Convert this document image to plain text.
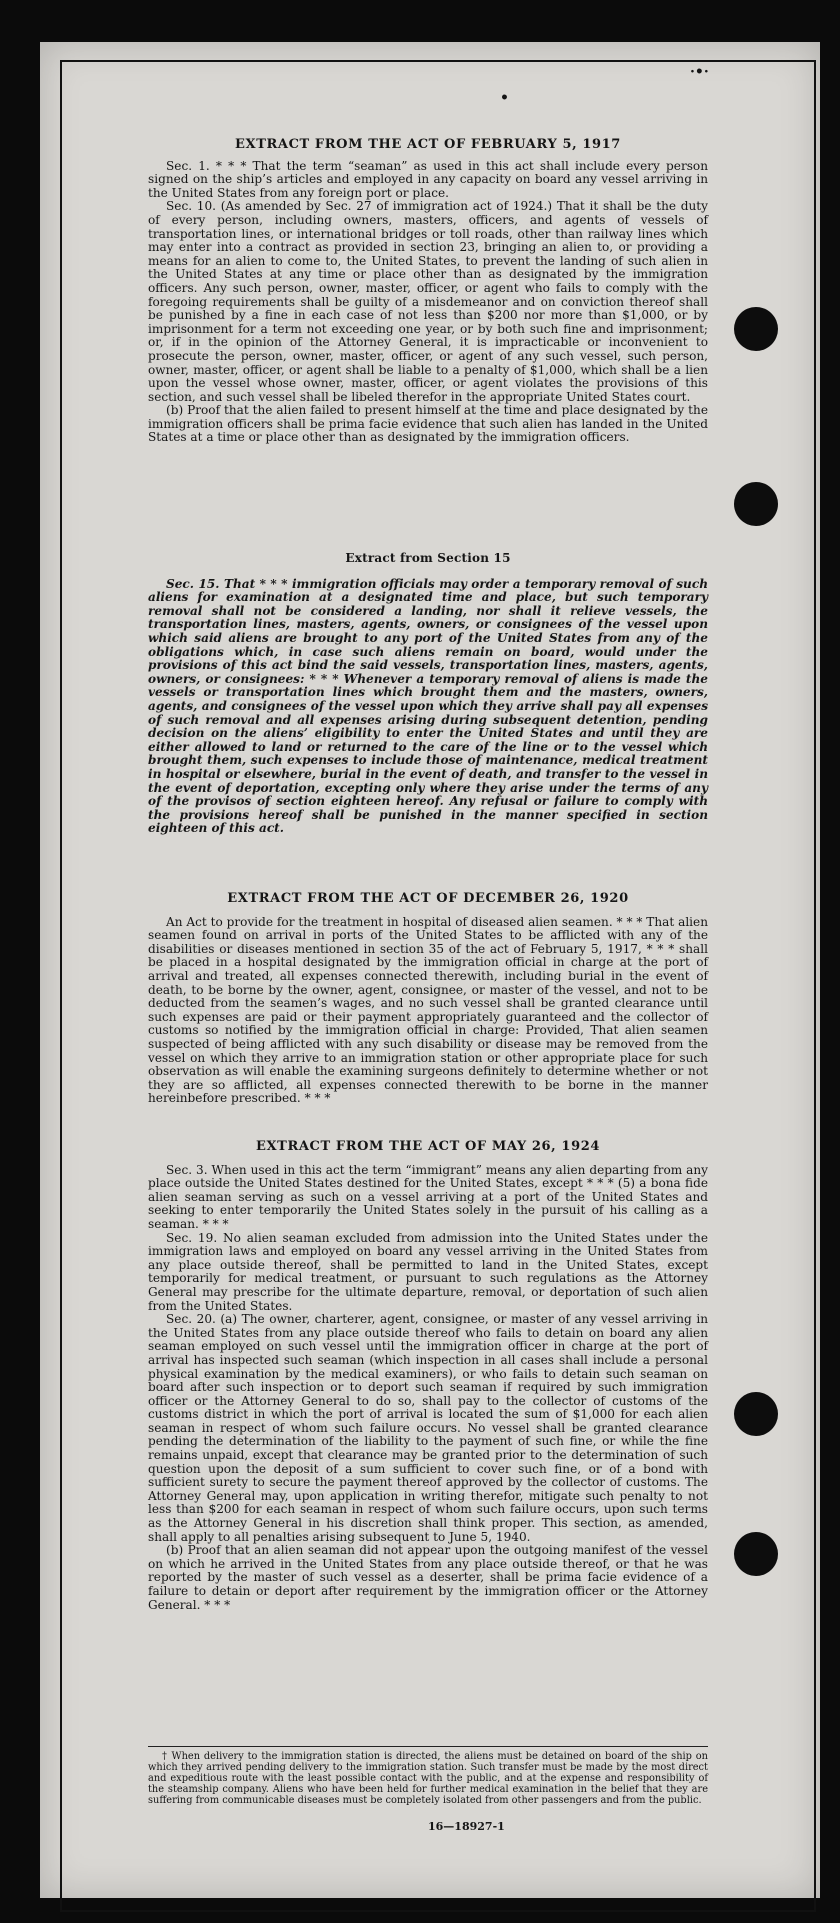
•
·•·
EXTRACT FROM THE ACT OF FEBRUARY 5, 1917

Sec. 1. * * * That the term “seaman” as used in this act shall include every person signed on the ship’s articles and employed in any capacity on board any vessel arriving in the United States from any foreign port or place.

Sec. 10. (As amended by Sec. 27 of immigration act of 1924.) That it shall be the duty of every person, including owners, masters, officers, and agents of vessels of transportation lines, or international bridges or toll roads, other than railway lines which may enter into a contract as provided in section 23, bringing an alien to, or providing a means for an alien to come to, the United States, to prevent the landing of such alien in the United States at any time or place other than as designated by the immigration officers. Any such person, owner, master, officer, or agent who fails to comply with the foregoing requirements shall be guilty of a misdemeanor and on conviction thereof shall be punished by a fine in each case of not less than $200 nor more than $1,000, or by imprisonment for a term not exceeding one year, or by both such fine and imprisonment; or, if in the opinion of the Attorney General, it is impracticable or inconvenient to prosecute the person, owner, master, officer, or agent of any such vessel, such person, owner, master, officer, or agent shall be liable to a penalty of $1,000, which shall be a lien upon the vessel whose owner, master, officer, or agent violates the provisions of this section, and such vessel shall be libeled therefor in the appropriate United States court.

(b) Proof that the alien failed to present himself at the time and place designated by the immigration officers shall be prima facie evidence that such alien has landed in the United States at a time or place other than as designated by the immigration officers.

Extract from Section 15

Sec. 15. That * * * immigration officials may order a temporary removal of such aliens for examination at a designated time and place, but such temporary removal shall not be considered a landing, nor shall it relieve vessels, the transportation lines, masters, agents, owners, or consignees of the vessel upon which said aliens are brought to any port of the United States from any of the obligations which, in case such aliens remain on board, would under the provisions of this act bind the said vessels, transportation lines, masters, agents, owners, or consignees: * * * Whenever a temporary removal of aliens is made the vessels or transportation lines which brought them and the masters, owners, agents, and consignees of the vessel upon which they arrive shall pay all expenses of such removal and all expenses arising during subsequent detention, pending decision on the aliens’ eligibility to enter the United States and until they are either allowed to land or returned to the care of the line or to the vessel which brought them, such expenses to include those of maintenance, medical treatment in hospital or elsewhere, burial in the event of death, and transfer to the vessel in the event of deportation, excepting only where they arise under the terms of any of the provisos of section eighteen hereof. Any refusal or failure to comply with the provisions hereof shall be punished in the manner specified in section eighteen of this act.

EXTRACT FROM THE ACT OF DECEMBER 26, 1920

An Act to provide for the treatment in hospital of diseased alien seamen. * * * That alien seamen found on arrival in ports of the United States to be afflicted with any of the disabilities or diseases mentioned in section 35 of the act of February 5, 1917, * * * shall be placed in a hospital designated by the immigration official in charge at the port of arrival and treated, all expenses connected therewith, including burial in the event of death, to be borne by the owner, agent, consignee, or master of the vessel, and not to be deducted from the seamen’s wages, and no such vessel shall be granted clearance until such expenses are paid or their payment appropriately guaranteed and the collector of customs so notified by the immigration official in charge: Provided, That alien seamen suspected of being afflicted with any such disability or disease may be removed from the vessel on which they arrive to an immigration station or other appropriate place for such observation as will enable the examining surgeons definitely to determine whether or not they are so afflicted, all expenses connected therewith to be borne in the manner hereinbefore prescribed. * * *

EXTRACT FROM THE ACT OF MAY 26, 1924

Sec. 3. When used in this act the term “immigrant” means any alien departing from any place outside the United States destined for the United States, except * * * (5) a bona fide alien seaman serving as such on a vessel arriving at a port of the United States and seeking to enter temporarily the United States solely in the pursuit of his calling as a seaman. * * *

Sec. 19. No alien seaman excluded from admission into the United States under the immigration laws and employed on board any vessel arriving in the United States from any place outside thereof, shall be permitted to land in the United States, except temporarily for medical treatment, or pursuant to such regulations as the Attorney General may prescribe for the ultimate departure, removal, or deportation of such alien from the United States.

Sec. 20. (a) The owner, charterer, agent, consignee, or master of any vessel arriving in the United States from any place outside thereof who fails to detain on board any alien seaman employed on such vessel until the immigration officer in charge at the port of arrival has inspected such seaman (which inspection in all cases shall include a personal physical examination by the medical examiners), or who fails to detain such seaman on board after such inspection or to deport such seaman if required by such immigration officer or the Attorney General to do so, shall pay to the collector of customs of the customs district in which the port of arrival is located the sum of $1,000 for each alien seaman in respect of whom such failure occurs. No vessel shall be granted clearance pending the determination of the liability to the payment of such fine, or while the fine remains unpaid, except that clearance may be granted prior to the determination of such question upon the deposit of a sum sufficient to cover such fine, or of a bond with sufficient surety to secure the payment thereof approved by the collector of customs. The Attorney General may, upon application in writing therefor, mitigate such penalty to not less than $200 for each seaman in respect of whom such failure occurs, upon such terms as the Attorney General in his discretion shall think proper. This section, as amended, shall apply to all penalties arising subsequent to June 5, 1940.

(b) Proof that an alien seaman did not appear upon the outgoing manifest of the vessel on which he arrived in the United States from any place outside thereof, or that he was reported by the master of such vessel as a deserter, shall be prima facie evidence of a failure to detain or deport after requirement by the immigration officer or the Attorney General. * * *

† When delivery to the immigration station is directed, the aliens must be detained on board of the ship on which they arrived pending delivery to the immigration station. Such transfer must be made by the most direct and expeditious route with the least possible contact with the public, and at the expense and responsibility of the steamship company. Aliens who have been held for further medical examination in the belief that they are suffering from communicable diseases must be completely isolated from other passengers and from the public.

16—18927-1
